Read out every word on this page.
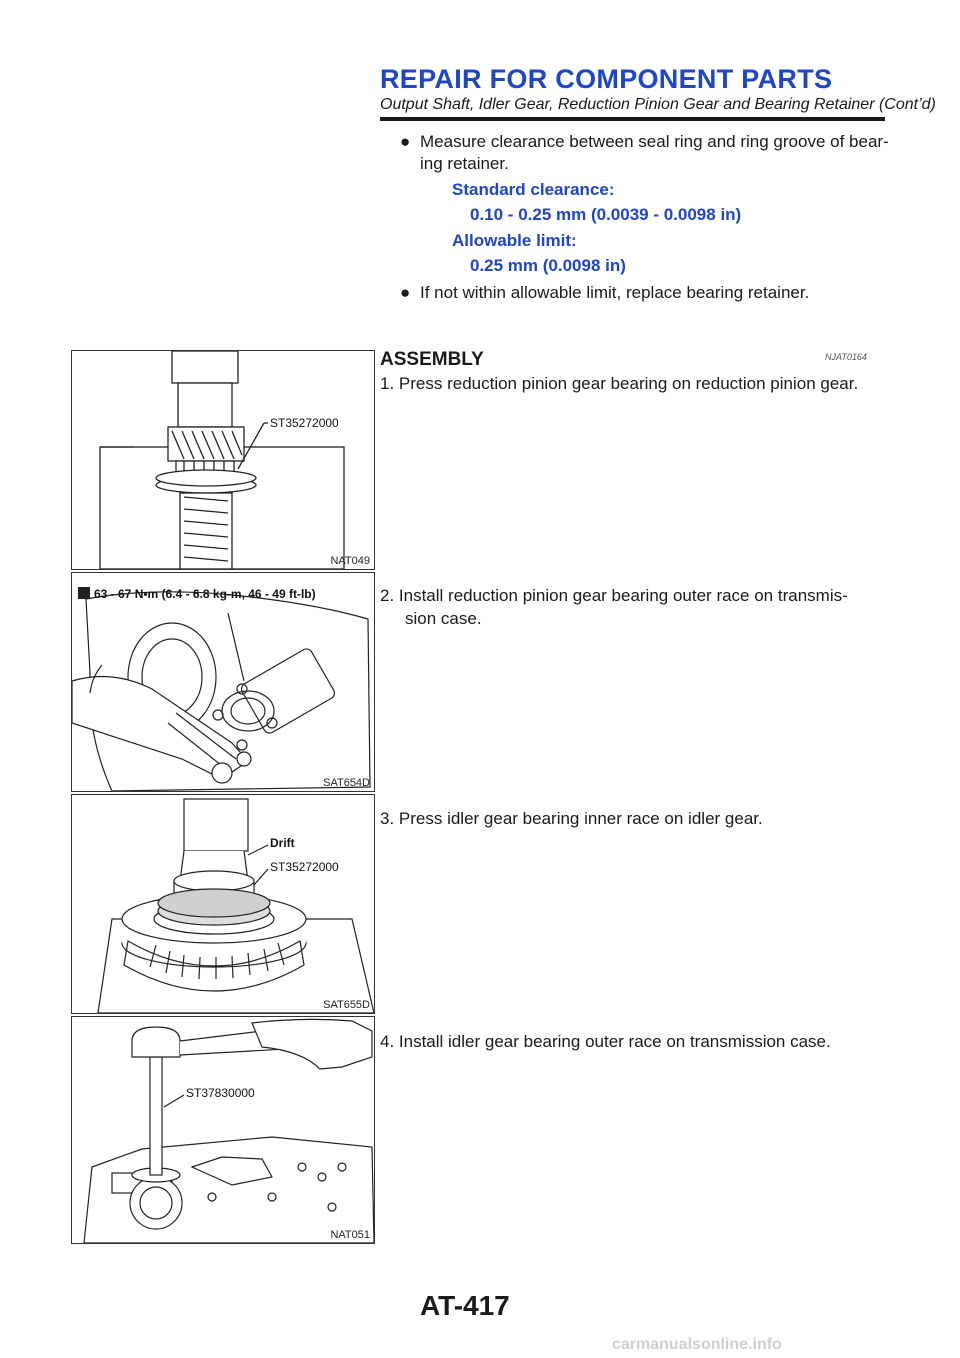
REPAIR FOR COMPONENT PARTS
Output Shaft, Idler Gear, Reduction Pinion Gear and Bearing Retainer (Cont’d)
● Measure clearance between seal ring and ring groove of bear-
ing retainer.
Standard clearance:
0.10 - 0.25 mm (0.0039 - 0.0098 in)
Allowable limit:
0.25 mm (0.0098 in)
● If not within allowable limit, replace bearing retainer.
ASSEMBLY	NJAT0164
1. Press reduction pinion gear bearing on reduction pinion gear.
2. Install reduction pinion gear bearing outer race on transmis-
sion case.
3. Press idler gear bearing inner race on idler gear.
4. Install idler gear bearing outer race on transmission case.
ST35272000
NAT049
63 - 67 N•m (6.4 - 6.8 kg-m, 46 - 49 ft-lb)
SAT654D
Drift
ST35272000
SAT655D
ST37830000
NAT051
AT-417
carmanualsonline.info
